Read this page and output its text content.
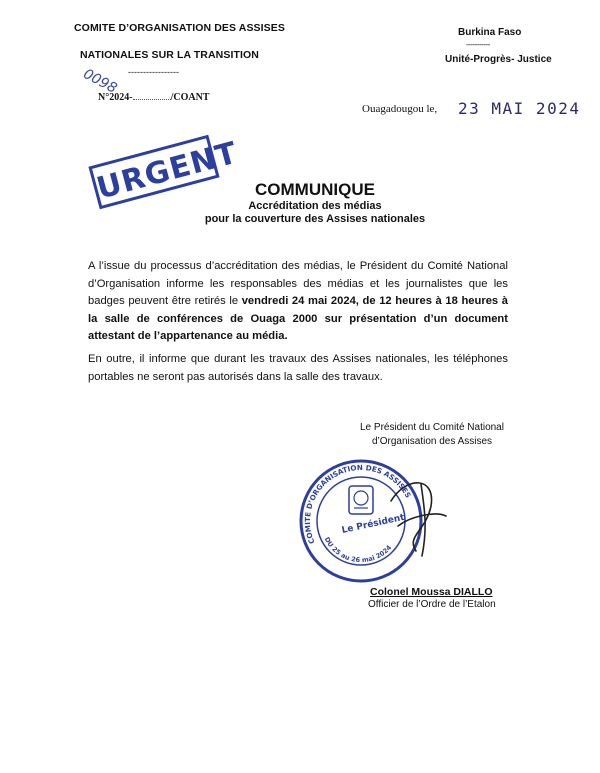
COMITE D’ORGANISATION DES ASSISES
NATIONALES SUR LA TRANSITION
-----------------
0098
N°2024-	/COANT
Burkina Faso
-----------
Unité-Progrès- Justice
Ouagadougou le, 23 MAI 2024
URGENT COMMUNIQUE
Accréditation des médias
pour la couverture des Assises nationales
A l’issue du processus d’accréditation des médias, le Président du Comité National d’Organisation informe les responsables des médias et les journalistes que les badges peuvent être retirés le vendredi 24 mai 2024, de 12 heures à 18 heures à la salle de conférences de Ouaga 2000 sur présentation d’un document attestant de l’appartenance au média.
En outre, il informe que durant les travaux des Assises nationales, les téléphones portables ne seront pas autorisés dans la salle des travaux.
Le Président du Comité National
d’Organisation des Assises
COMITE D’ORGANISATION DES ASSISES
Le Président
DU 25 au 26 mai 2024
Colonel Moussa DIALLO
Officier de l’Ordre de l’Etalon
